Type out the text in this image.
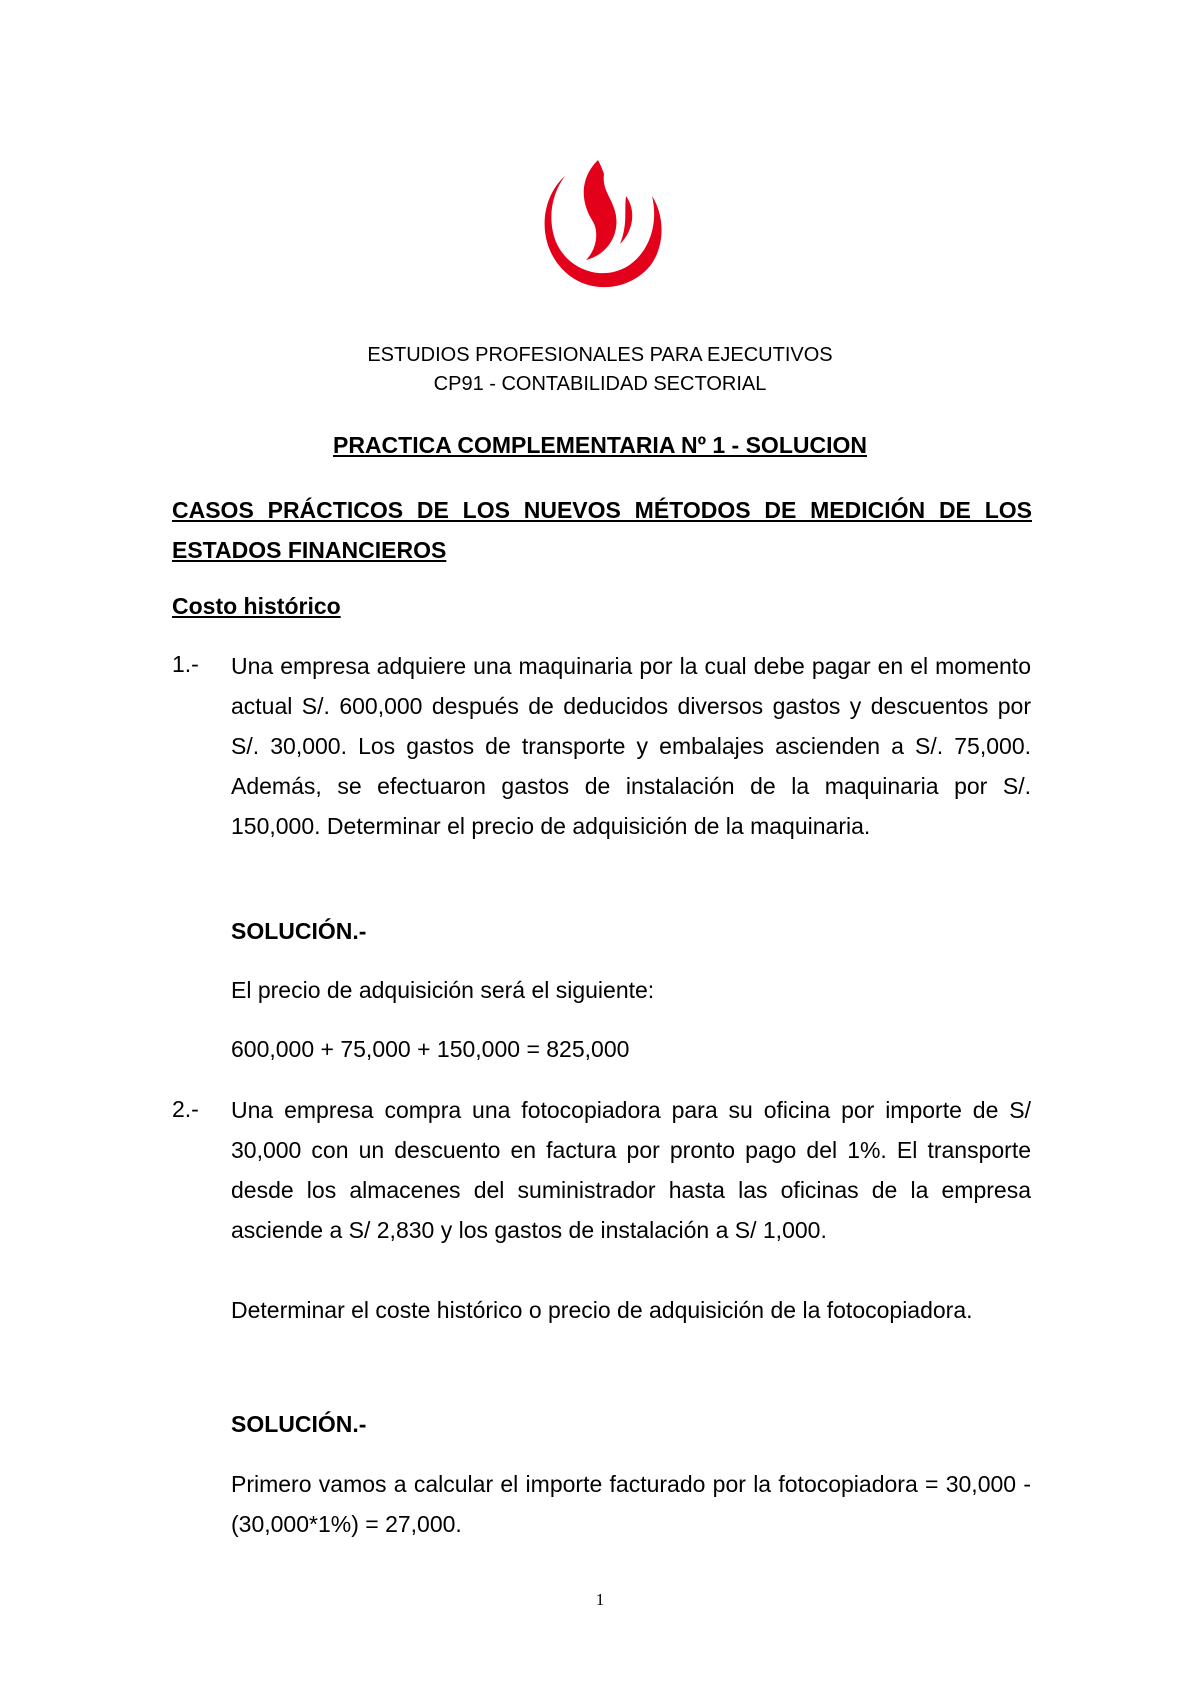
ESTUDIOS PROFESIONALES PARA EJECUTIVOS
CP91 - CONTABILIDAD SECTORIAL
PRACTICA COMPLEMENTARIA Nº 1 - SOLUCION
CASOS PRÁCTICOS DE LOS NUEVOS MÉTODOS DE MEDICIÓN DE LOS ESTADOS FINANCIEROS
Costo histórico
1.- Una empresa adquiere una maquinaria por la cual debe pagar en el momento actual S/. 600,000 después de deducidos diversos gastos y descuentos por S/. 30,000. Los gastos de transporte y embalajes ascienden a S/. 75,000. Además, se efectuaron gastos de instalación de la maquinaria por S/. 150,000. Determinar el precio de adquisición de la maquinaria.
SOLUCIÓN.-
El precio de adquisición será el siguiente:
600,000 + 75,000 + 150,000 = 825,000
2.- Una empresa compra una fotocopiadora para su oficina por importe de S/ 30,000 con un descuento en factura por pronto pago del 1%. El transporte desde los almacenes del suministrador hasta las oficinas de la empresa asciende a S/ 2,830 y los gastos de instalación a S/ 1,000.
Determinar el coste histórico o precio de adquisición de la fotocopiadora.
SOLUCIÓN.-
Primero vamos a calcular el importe facturado por la fotocopiadora = 30,000 - (30,000*1%) = 27,000.
1
